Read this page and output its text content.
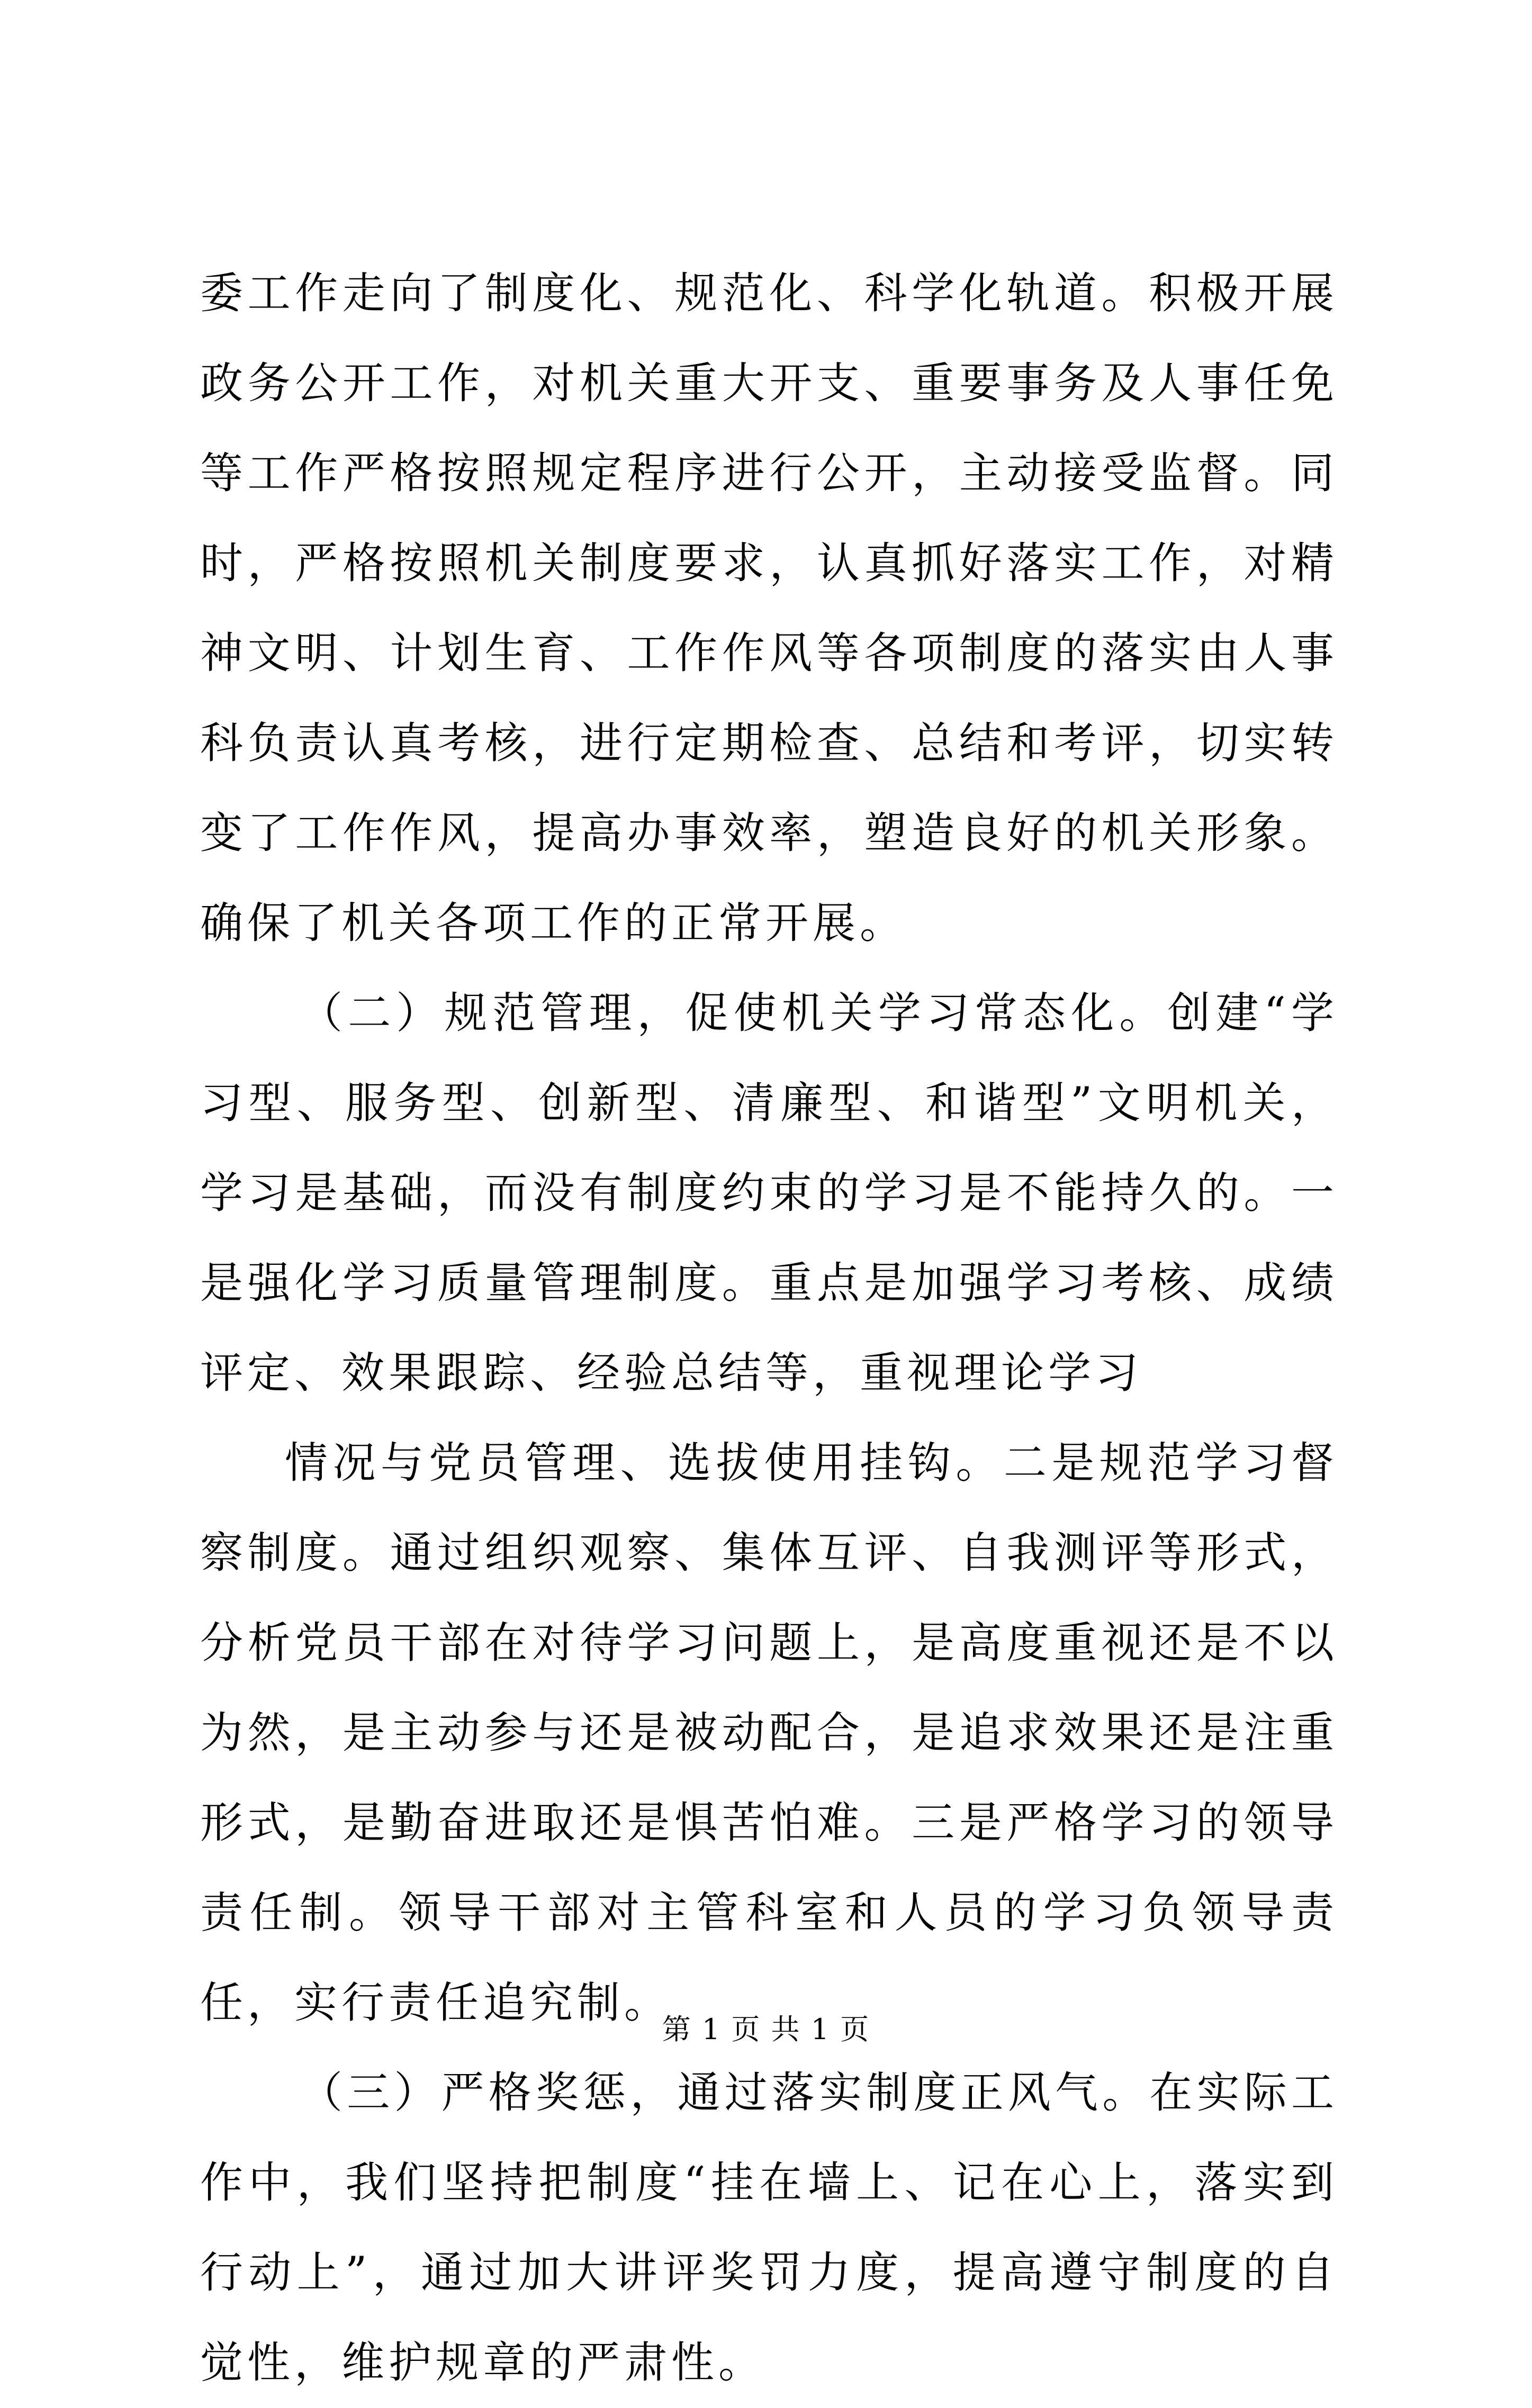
委工作走向了制度化、规范化、科学化轨道。积极开展政务公开工作，对机关重大开支、重要事务及人事任免等工作严格按照规定程序进行公开，主动接受监督。同时，严格按照机关制度要求，认真抓好落实工作，对精神文明、计划生育、工作作风等各项制度的落实由人事科负责认真考核，进行定期检查、总结和考评，切实转变了工作作风，提高办事效率，塑造良好的机关形象。确保了机关各项工作的正常开展。

（二）规范管理，促使机关学习常态化。创建“学习型、服务型、创新型、清廉型、和谐型”文明机关，学习是基础，而没有制度约束的学习是不能持久的。一是强化学习质量管理制度。重点是加强学习考核、成绩评定、效果跟踪、经验总结等，重视理论学习

情况与党员管理、选拔使用挂钩。二是规范学习督察制度。通过组织观察、集体互评、自我测评等形式，分析党员干部在对待学习问题上，是高度重视还是不以为然，是主动参与还是被动配合，是追求效果还是注重形式，是勤奋进取还是惧苦怕难。三是严格学习的领导责任制。领导干部对主管科室和人员的学习负领导责任，实行责任追究制。

（三）严格奖惩，通过落实制度正风气。在实际工作中，我们坚持把制度“挂在墙上、记在心上，落实到行动上”，通过加大讲评奖罚力度，提高遵守制度的自觉性，维护规章的严肃性。

第 1 页 共 1 页
